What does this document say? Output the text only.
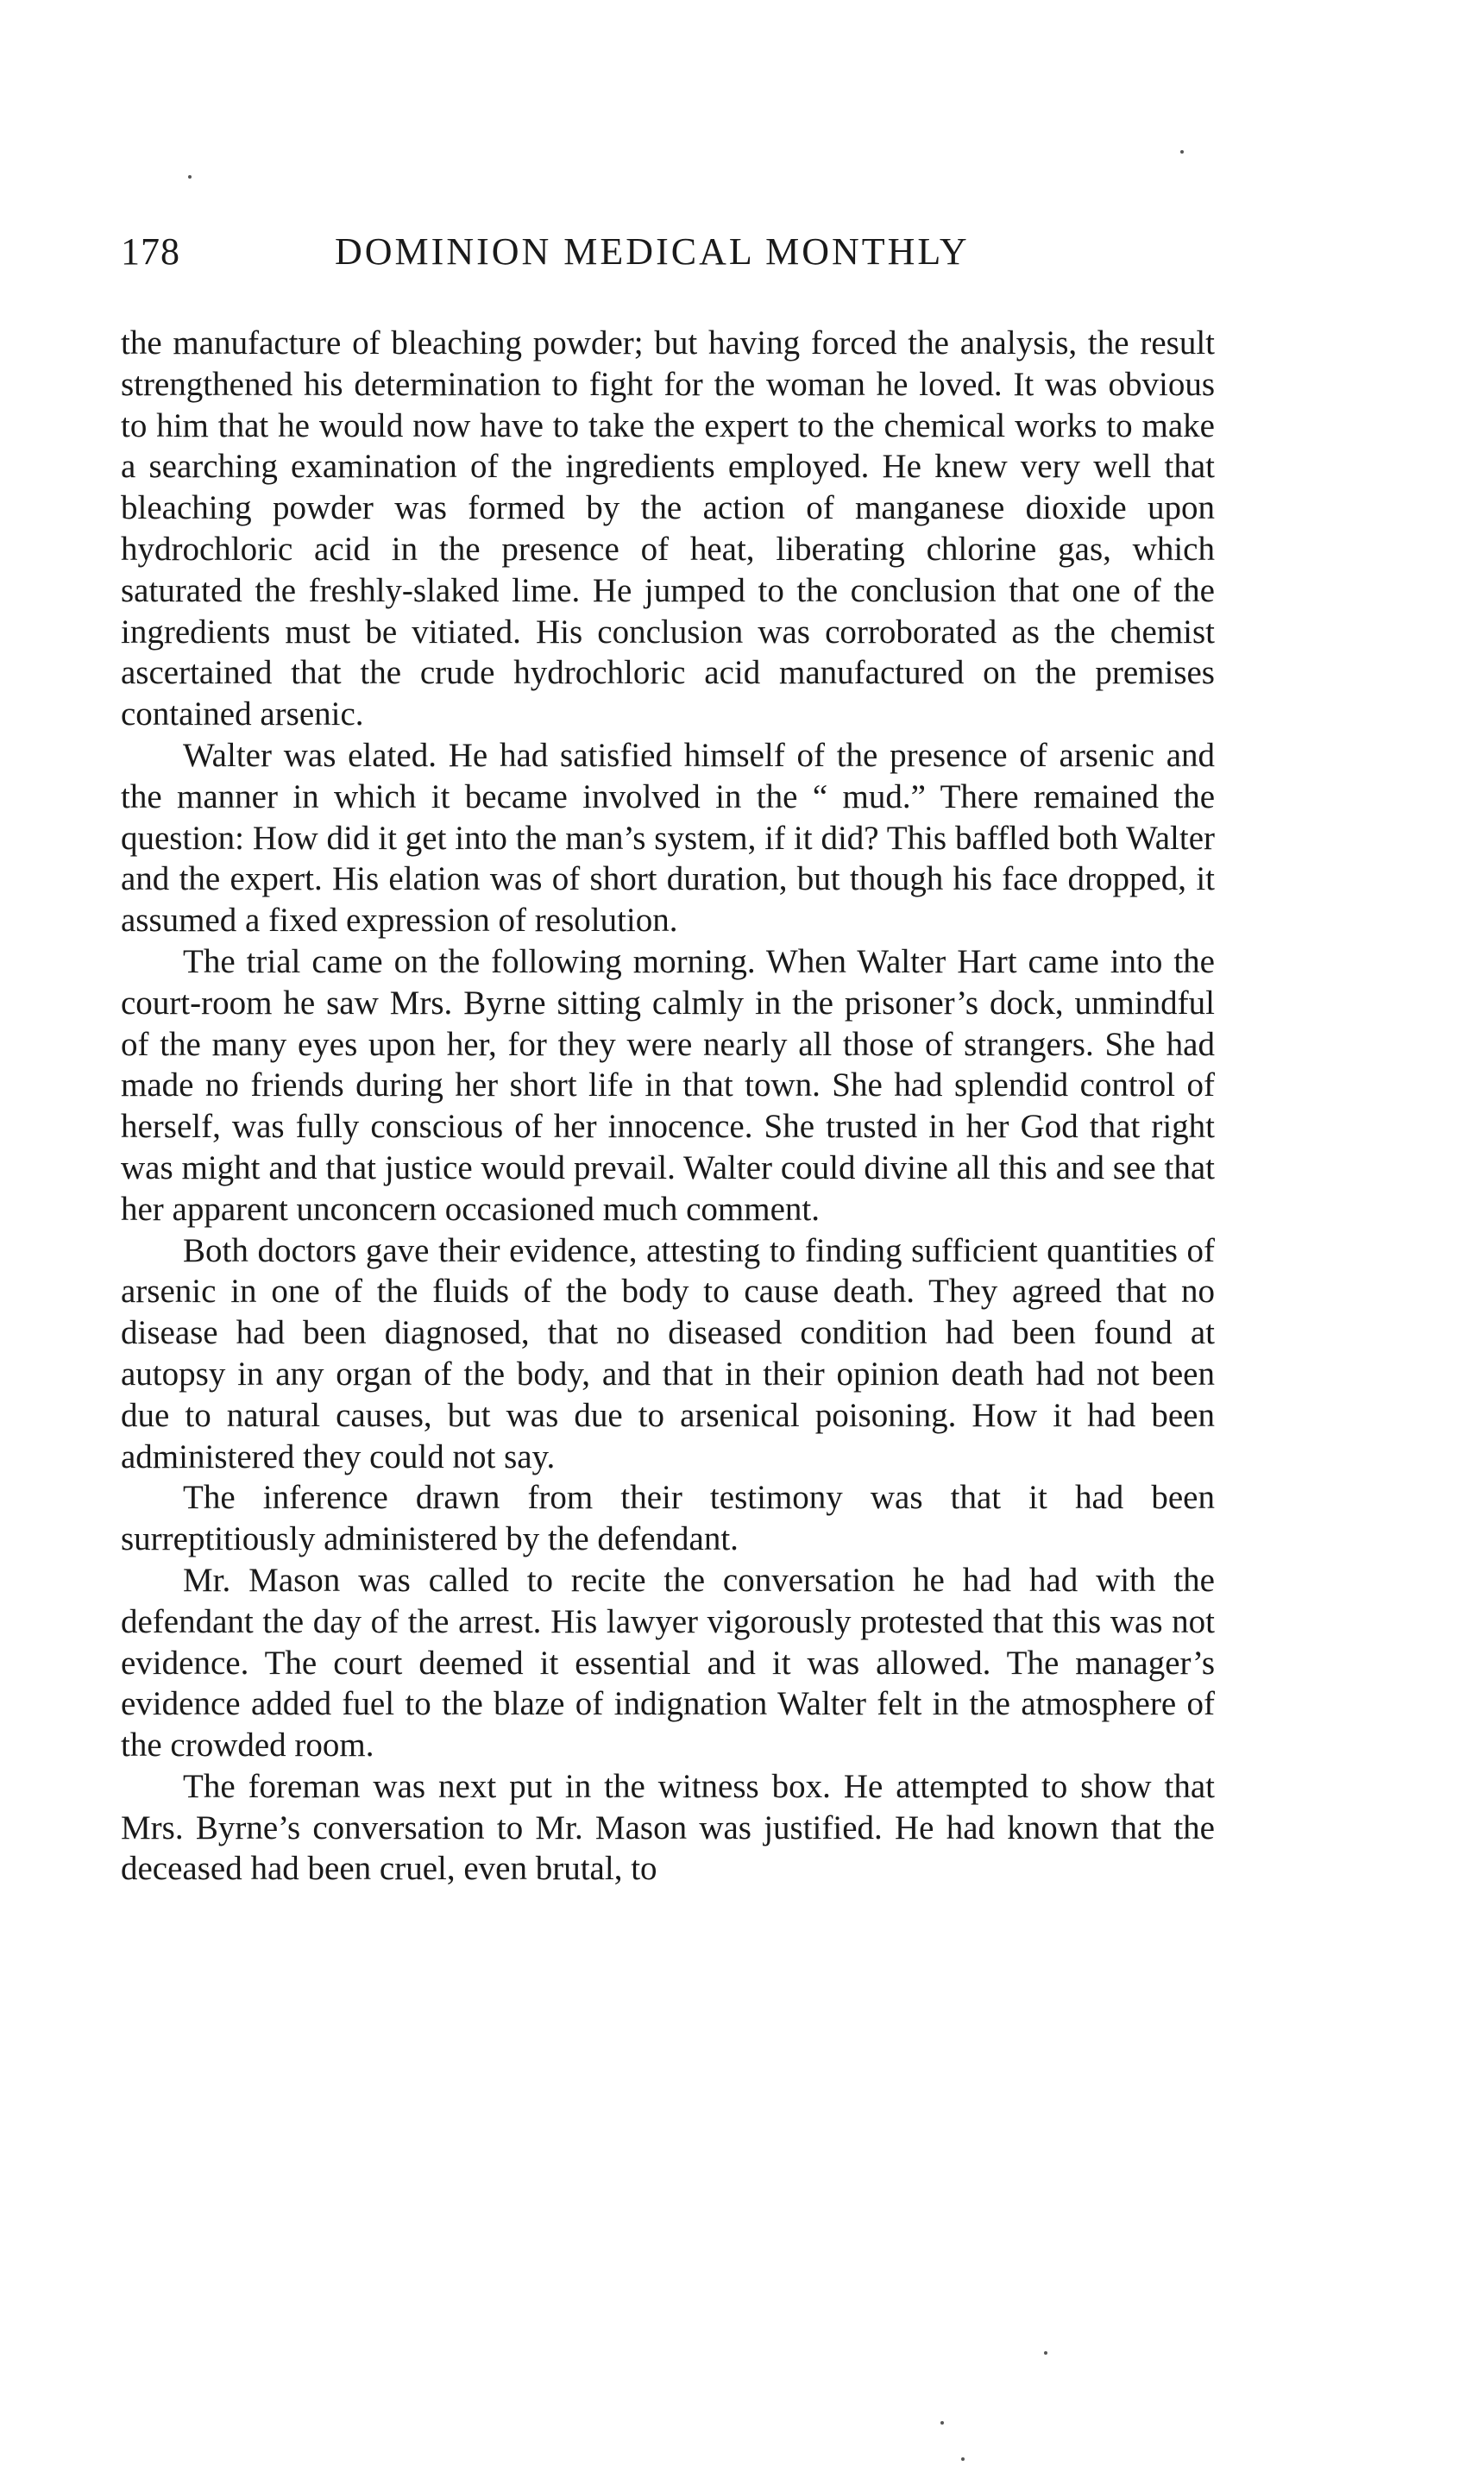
178	DOMINION MEDICAL MONTHLY

the manufacture of bleaching powder; but having forced the analysis, the result strengthened his determination to fight for the woman he loved. It was obvious to him that he would now have to take the expert to the chemical works to make a searching examination of the ingredients employed. He knew very well that bleaching powder was formed by the action of manganese dioxide upon hydrochloric acid in the presence of heat, liberating chlorine gas, which saturated the freshly-slaked lime. He jumped to the conclusion that one of the ingredients must be vitiated. His conclusion was corroborated as the chemist ascertained that the crude hydrochloric acid manufactured on the premises contained arsenic.

Walter was elated. He had satisfied himself of the presence of arsenic and the manner in which it became involved in the “ mud.” There remained the question: How did it get into the man’s system, if it did? This baffled both Walter and the expert. His elation was of short duration, but though his face dropped, it assumed a fixed expression of resolution.

The trial came on the following morning. When Walter Hart came into the court-room he saw Mrs. Byrne sitting calmly in the prisoner’s dock, unmindful of the many eyes upon her, for they were nearly all those of strangers. She had made no friends during her short life in that town. She had splendid control of herself, was fully conscious of her innocence. She trusted in her God that right was might and that justice would prevail. Walter could divine all this and see that her apparent unconcern occasioned much comment.

Both doctors gave their evidence, attesting to finding sufficient quantities of arsenic in one of the fluids of the body to cause death. They agreed that no disease had been diagnosed, that no diseased condition had been found at autopsy in any organ of the body, and that in their opinion death had not been due to natural causes, but was due to arsenical poisoning. How it had been administered they could not say.

The inference drawn from their testimony was that it had been surreptitiously administered by the defendant.

Mr. Mason was called to recite the conversation he had had with the defendant the day of the arrest. His lawyer vigorously protested that this was not evidence. The court deemed it essential and it was allowed. The manager’s evidence added fuel to the blaze of indignation Walter felt in the atmosphere of the crowded room.

The foreman was next put in the witness box. He attempted to show that Mrs. Byrne’s conversation to Mr. Mason was justified. He had known that the deceased had been cruel, even brutal, to
